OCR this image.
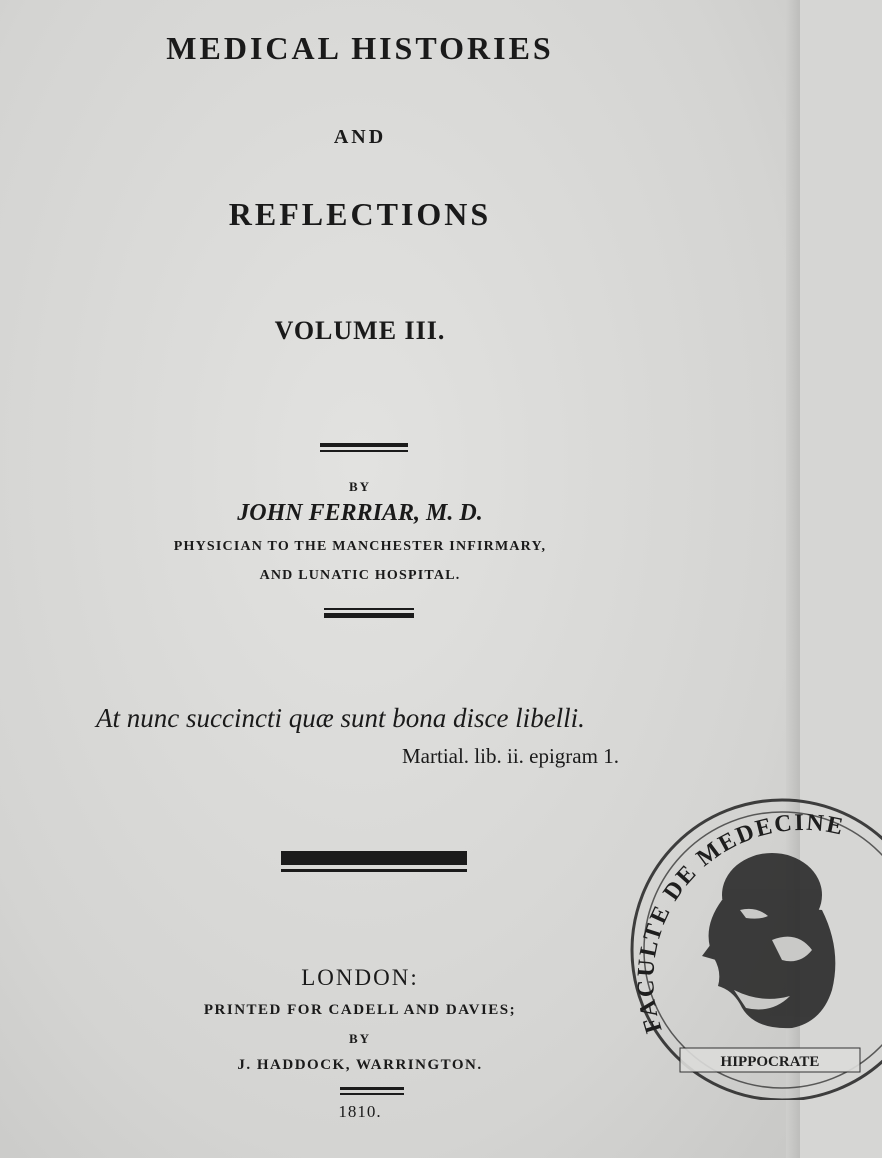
MEDICAL HISTORIES
AND
REFLECTIONS
VOLUME III.
BY
JOHN FERRIAR, M. D.
PHYSICIAN TO THE MANCHESTER INFIRMARY,
AND LUNATIC HOSPITAL.
At nunc succincti quæ sunt bona disce libelli.
Martial. lib. ii. epigram 1.
LONDON:
PRINTED FOR CADELL AND DAVIES;
BY
J. HADDOCK, WARRINGTON.
1810.
FACULTE DE MEDECINE
HIPPOCRATE
